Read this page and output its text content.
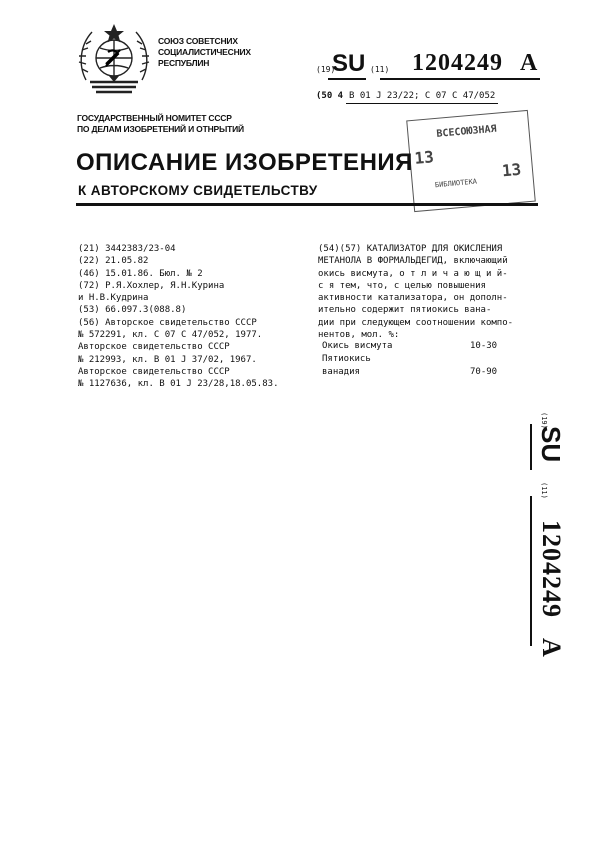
СОЮЗ СОВЕТСНИХ
СОЦИАЛИСТИЧЕСНИХ
РЕСПУБЛИН
(19)
SU (11) 1204249 A
(50 4 В 01 J 23/22; С 07 С 47/052
ГОСУДАРСТВЕННЫЙ НОМИТЕТ СССР
ПО ДЕЛАМ ИЗОБРЕТЕНИЙ И ОТНРЫТИЙ	ВСЕСОЮЗНАЯ
13
13
БИБЛИОТЕКА
ОПИСАНИЕ ИЗОБРЕТЕНИЯ
К АВТОРСКОМУ СВИДЕТЕЛЬСТВУ
(21) 3442383/23-04
(22) 21.05.82
(46) 15.01.86. Бюл. № 2
(72) Р.Я.Хохлер, Я.Н.Курина
и Н.В.Кудрина
(53) 66.097.3(088.8)
(56) Авторское свидетельство СССР
№ 572291, кл. С 07 С 47/052, 1977.
Авторское свидетельство СССР
№ 212993, кл. В 01 J 37/02, 1967.
Авторское свидетельство СССР
№ 1127636, кл. В 01 J 23/28,18.05.83.
(54)(57) КАТАЛИЗАТОР ДЛЯ ОКИСЛЕНИЯ
МЕТАНОЛА В ФОРМАЛЬДЕГИД, включающий
окись висмута, о т л и ч а ю щ и й-
с я тем, что, с целью повышения
активности катализатора, он дополн-
ительно содержит пятиокись вана-
дии при следующем соотношении компо-
нентов, мол. %:
Окись висмута	10-30
Пятиокись
ванадия	70-90
(19)
SU
(11)
1204249
A
